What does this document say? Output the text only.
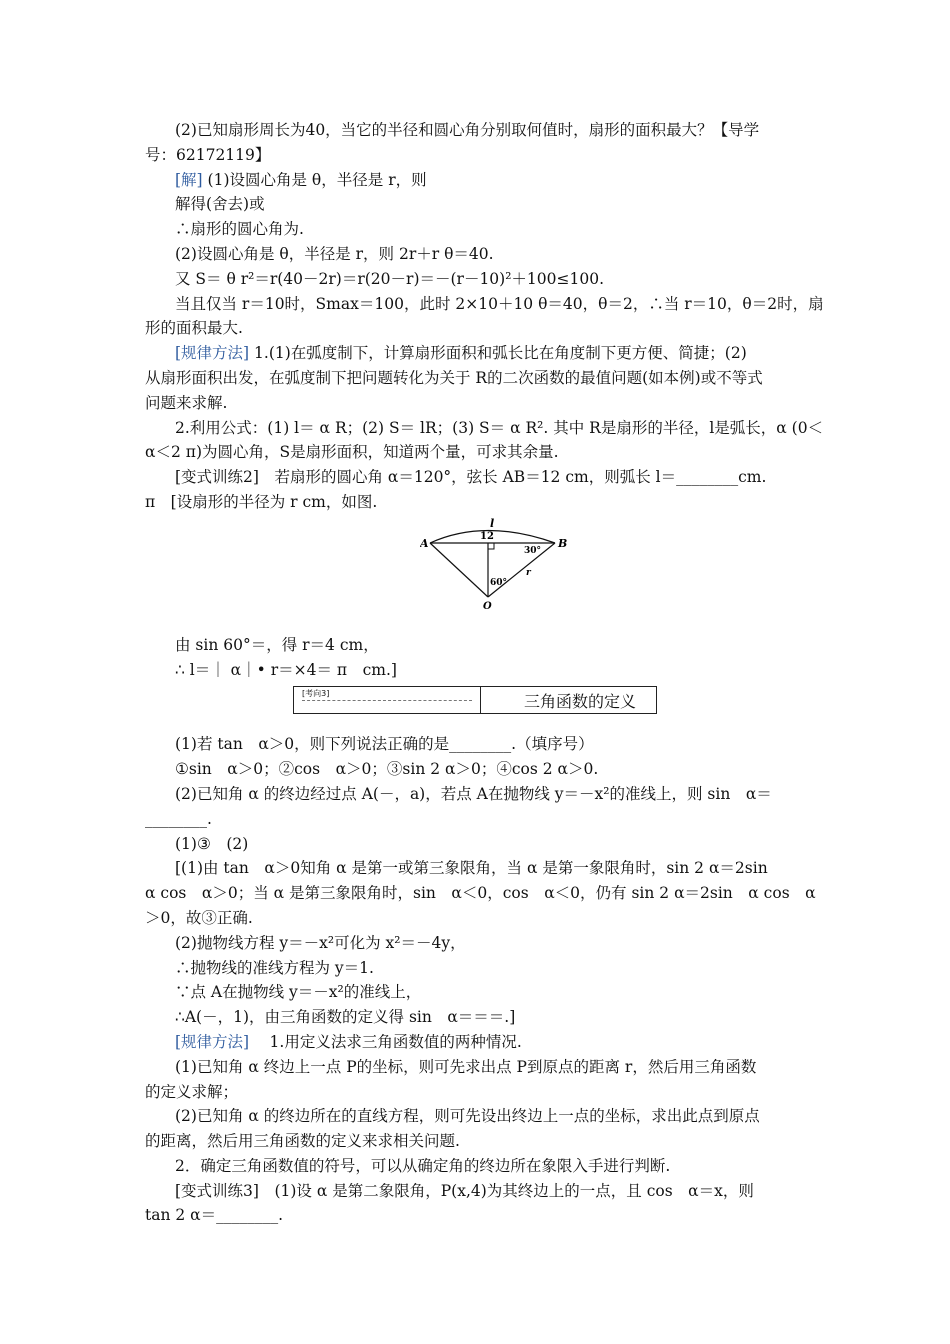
(2)已知扇形周长为40，当它的半径和圆心角分别取何值时，扇形的面积最大？【导学
号：62172119】
[解] (1)设圆心角是 θ，半径是 r，则
解得(舍去)或
∴扇形的圆心角为.
(2)设圆心角是 θ，半径是 r，则 2r＋r θ＝40.
又 S＝ θ r²＝r(40－2r)＝r(20－r)＝－(r－10)²＋100≤100.
当且仅当 r＝10时，Smax＝100，此时 2×10＋10 θ＝40，θ＝2，∴当 r＝10，θ＝2时，扇
形的面积最大.
[规律方法] 1.(1)在弧度制下，计算扇形面积和弧长比在角度制下更方便、简捷；(2)
从扇形面积出发，在弧度制下把问题转化为关于 R的二次函数的最值问题(如本例)或不等式
问题来求解.
2.利用公式：(1) l＝ α R；(2) S＝ lR；(3) S＝ α R². 其中 R是扇形的半径，l是弧长，α (0＜
α＜2 π)为圆心角，S是扇形面积，知道两个量，可求其余量.
[变式训练2]　若扇形的圆心角 α＝120°，弦长 AB＝12 cm，则弧长 l＝________cm.
π　[设扇形的半径为 r cm，如图.
l
12
A	B
30°
60°
r
O
由 sin 60°＝，得 r＝4 cm，
∴ l＝｜ α｜• r＝×4＝ π　cm.]
[考向3]	三角函数的定义
(1)若 tan　α＞0，则下列说法正确的是________.（填序号）
①sin　α＞0；②cos　α＞0；③sin 2 α＞0；④cos 2 α＞0.
(2)已知角 α 的终边经过点 A(－，a)，若点 A在抛物线 y＝－x²的准线上，则 sin　α＝
________.
(1)③　(2)
[(1)由 tan　α＞0知角 α 是第一或第三象限角，当 α 是第一象限角时，sin 2 α＝2sin
α cos　α＞0；当 α 是第三象限角时，sin　α＜0，cos　α＜0，仍有 sin 2 α＝2sin　α cos　α
＞0，故③正确.
(2)抛物线方程 y＝－x²可化为 x²＝－4y，
∴抛物线的准线方程为 y＝1.
∵点 A在抛物线 y＝－x²的准线上，
∴A(－，1)，由三角函数的定义得 sin　α＝＝＝.]
[规律方法] 　1.用定义法求三角函数值的两种情况.
(1)已知角 α 终边上一点 P的坐标，则可先求出点 P到原点的距离 r，然后用三角函数
的定义求解；
(2)已知角 α 的终边所在的直线方程，则可先设出终边上一点的坐标，求出此点到原点
的距离，然后用三角函数的定义来求相关问题.
2．确定三角函数值的符号，可以从确定角的终边所在象限入手进行判断.
[变式训练3]　(1)设 α 是第二象限角，P(x,4)为其终边上的一点，且 cos　α＝x，则
tan 2 α＝________.
